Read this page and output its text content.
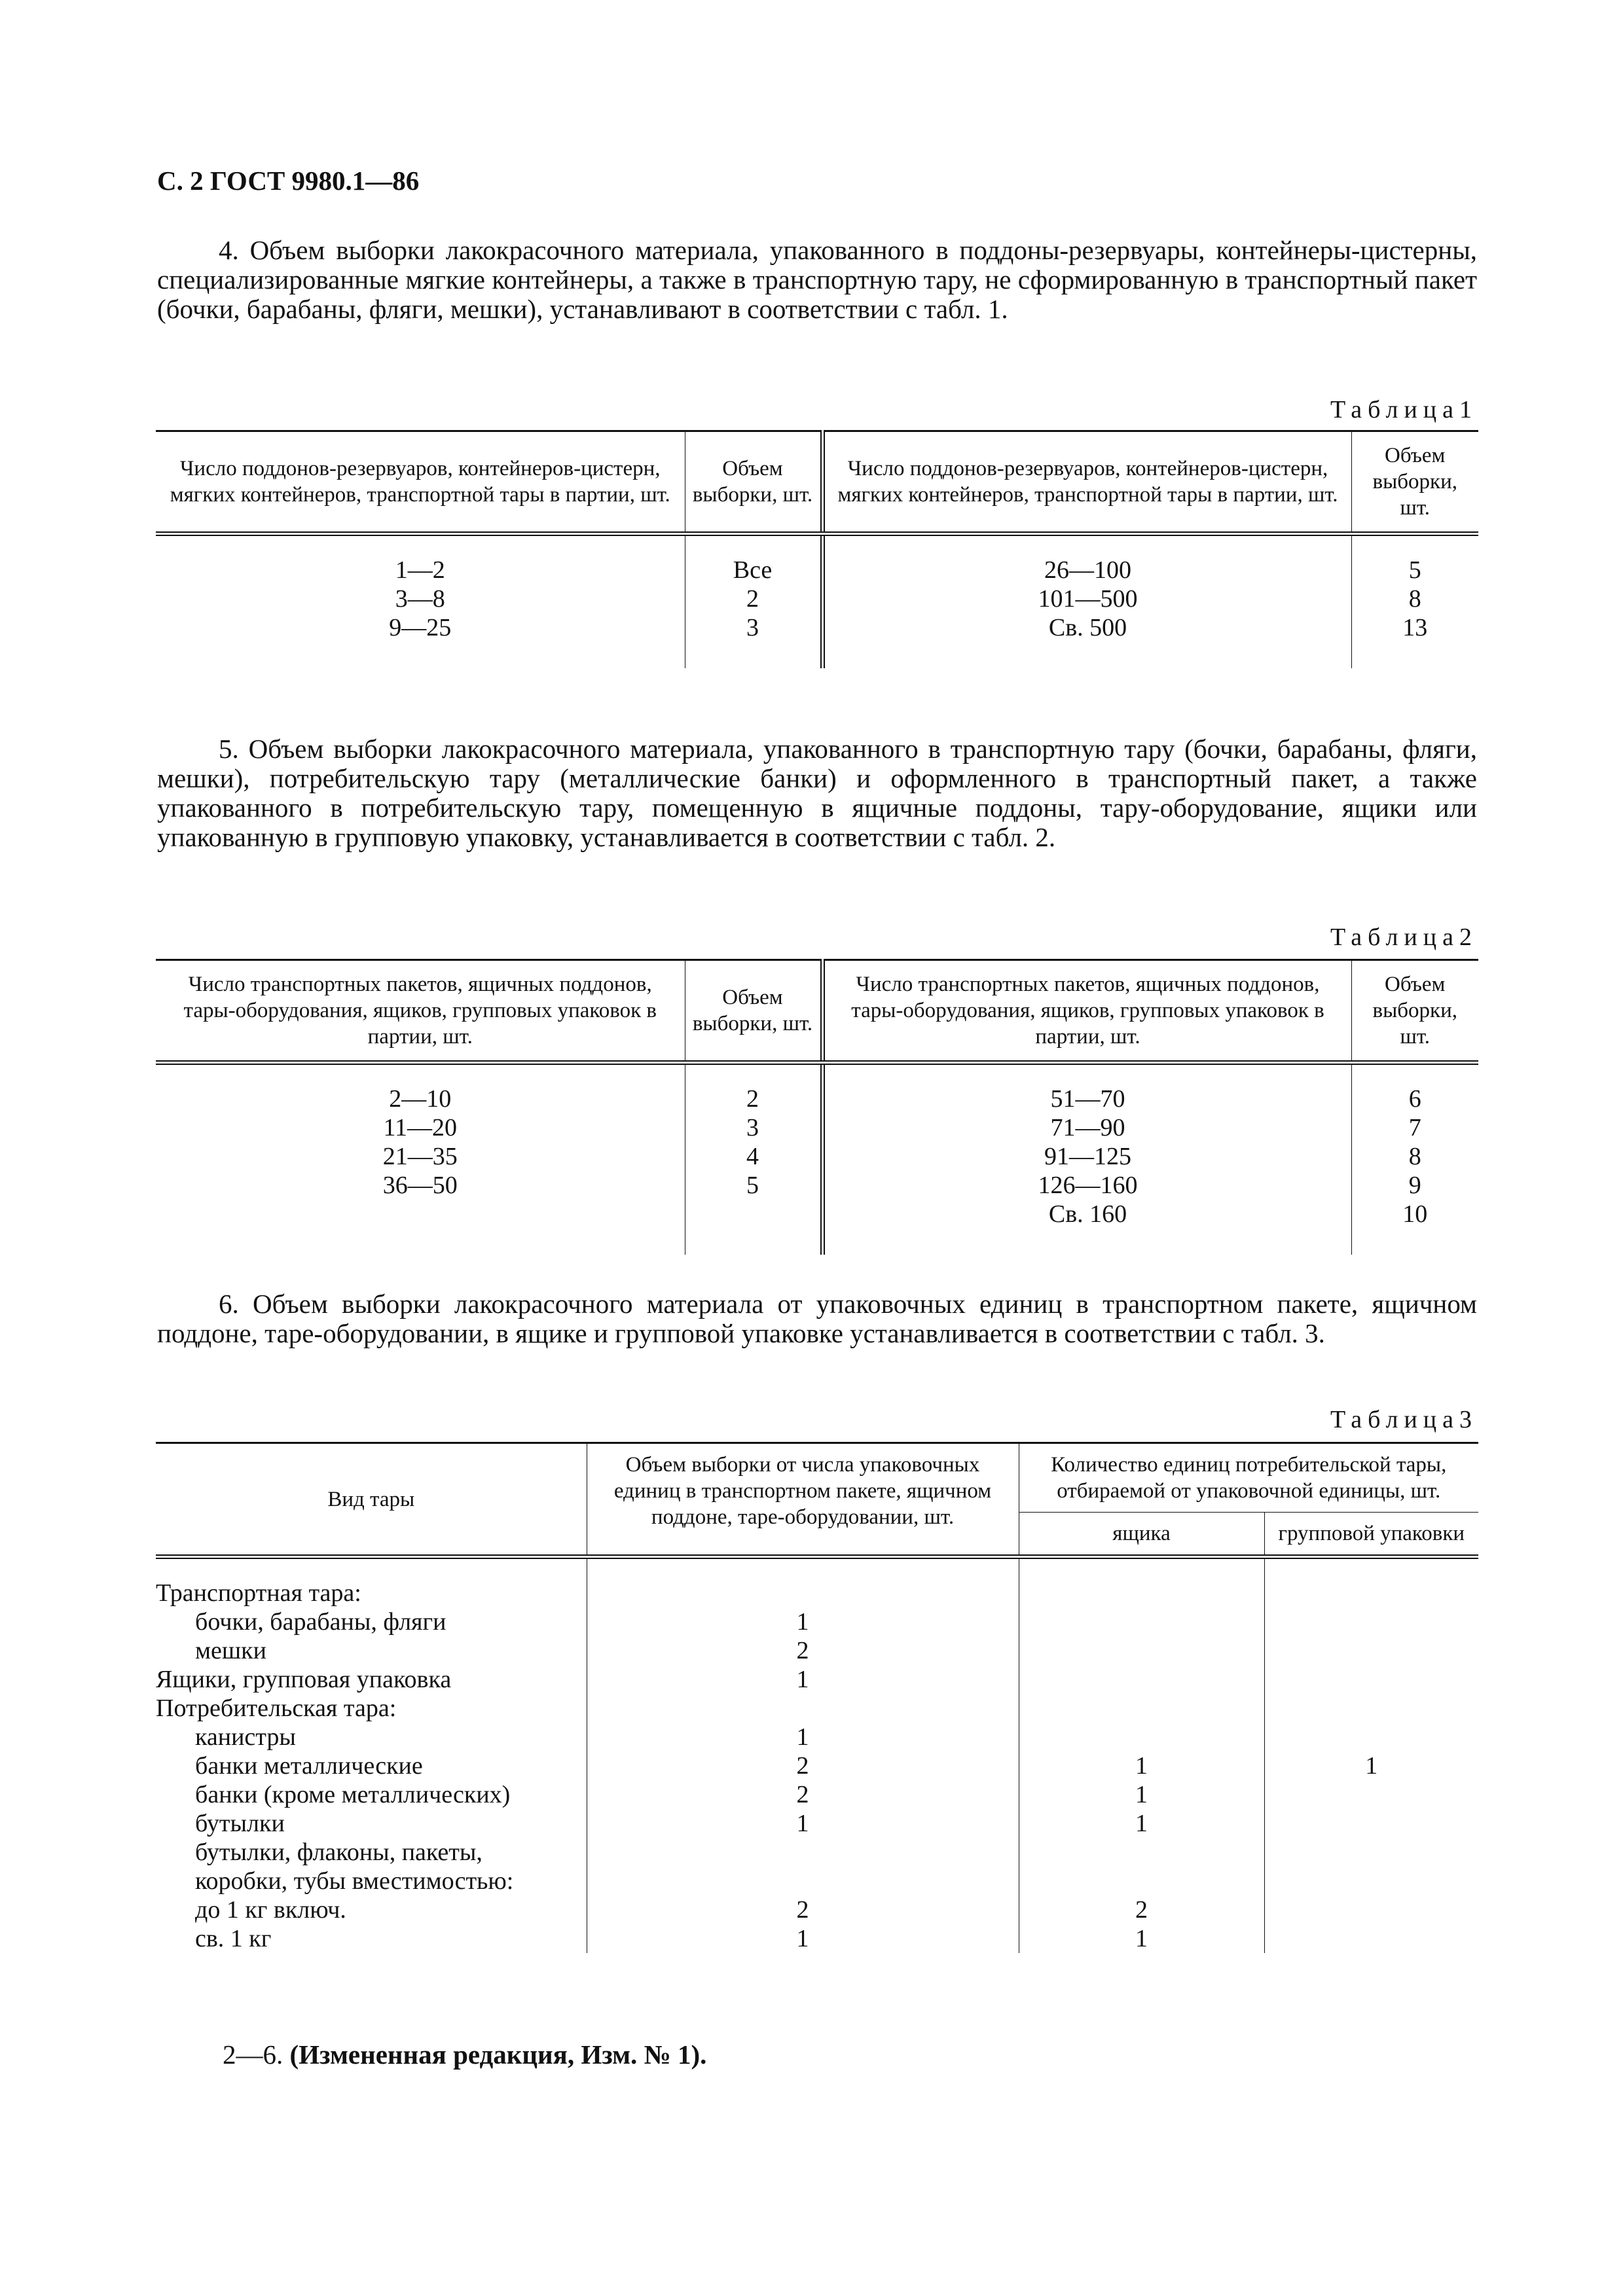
С. 2 ГОСТ 9980.1—86

4. Объем выборки лакокрасочного материала, упакованного в поддоны-резервуары, контейнеры-цистерны, специализированные мягкие контейнеры, а также в транспортную тару, не сформированную в транспортный пакет (бочки, барабаны, фляги, мешки), устанавливают в соответствии с табл. 1.

Таблица1

Число поддонов-резервуаров, контейнеров-цистерн, мягких контейнеров, транспортной тары в партии, шт.	Объем выборки, шт.	Число поддонов-резервуаров, контейнеров-цистерн, мягких контейнеров, транспортной тары в партии, шт.	Объем выборки, шт.
1—2	Все	26—100	5
3—8	2	101—500	8
9—25	3	Св. 500	13

5. Объем выборки лакокрасочного материала, упакованного в транспортную тару (бочки, барабаны, фляги, мешки), потребительскую тару (металлические банки) и оформленного в транспортный пакет, а также упакованного в потребительскую тару, помещенную в ящичные поддоны, тару-оборудование, ящики или упакованную в групповую упаковку, устанавливается в соответствии с табл. 2.

Таблица2

Число транспортных пакетов, ящичных поддонов, тары-оборудования, ящиков, групповых упаковок в партии, шт.	Объем выборки, шт.	Число транспортных пакетов, ящичных поддонов, тары-оборудования, ящиков, групповых упаковок в партии, шт.	Объем выборки, шт.
2—10	2	51—70	6
11—20	3	71—90	7
21—35	4	91—125	8
36—50	5	126—160	9
		Св. 160	10

6. Объем выборки лакокрасочного материала от упаковочных единиц в транспортном пакете, ящичном поддоне, таре-оборудовании, в ящике и групповой упаковке устанавливается в соответствии с табл. 3.

Таблица3

Вид тары	Объем выборки от числа упаковочных единиц в транспортном пакете, ящичном поддоне, таре-оборудовании, шт.	Количество единиц потребительской тары, отбираемой от упаковочной единицы, шт.	
		ящика	групповой упаковки
Транспортная тара:			
бочки, барабаны, фляги	1		
мешки	2		
Ящики, групповая упаковка	1		
Потребительская тара:			
канистры	1		
банки металлические	2	1	1
банки (кроме металлических)	2	1	
бутылки	1	1	
бутылки, флаконы, пакеты,			
коробки, тубы вместимостью:			
до 1 кг включ.	2	2	
св. 1 кг	1	1	

2—6. (Измененная редакция, Изм. № 1).
